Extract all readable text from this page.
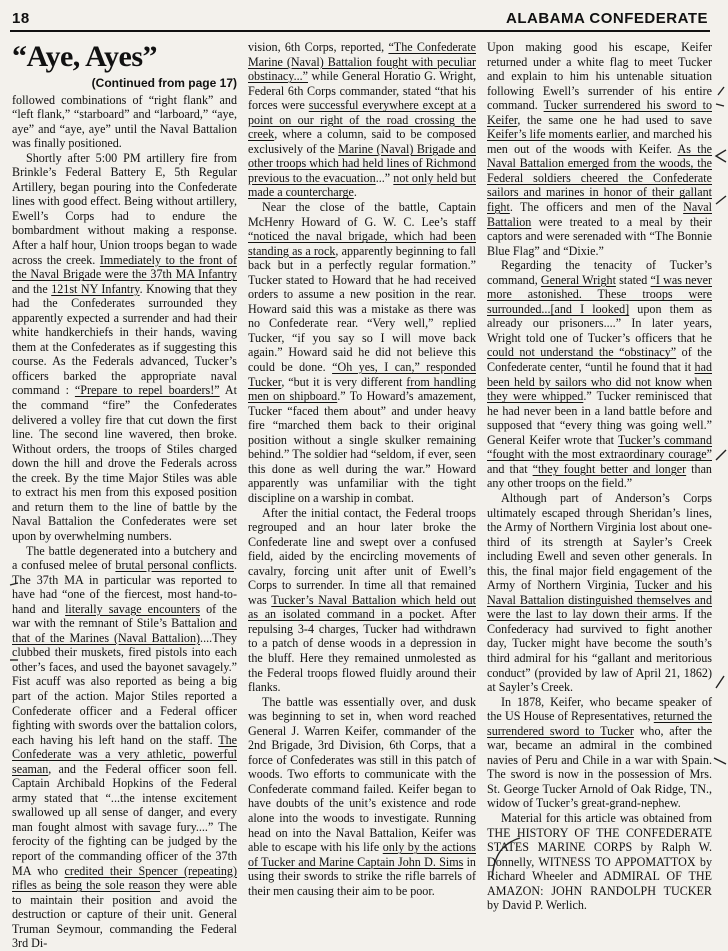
18	ALABAMA CONFEDERATE
“Aye, Ayes”
(Continued from page 17)

followed combinations of “right flank” and “left flank,” “starboard” and “larboard,” “aye, aye” and “aye, aye” until the Naval Battalion was finally positioned.

Shortly after 5:00 PM artillery fire from Brinkle’s Federal Battery E, 5th Regular Artillery, began pouring into the Confederate lines with good effect. Being without artillery, Ewell’s Corps had to endure the bombardment without making a response. After a half hour, Union troops began to wade across the creek. Immediately to the front of the Naval Brigade were the 37th MA Infantry and the 121st NY Infantry. Knowing that they had the Confederates surrounded they apparently expected a surrender and had their white handkerchiefs in their hands, waving them at the Confederates as if suggesting this course. As the Federals advanced, Tucker’s officers barked the appropriate naval command : “Prepare to repel boarders!” At the command “fire” the Confederates delivered a volley fire that cut down the first line. The second line wavered, then broke. Without orders, the troops of Stiles charged down the hill and drove the Federals across the creek. By the time Major Stiles was able to extract his men from this exposed position and return them to the line of battle by the Naval Battalion the Confederates were set upon by overwhelming numbers.

The battle degenerated into a butchery and a confused melee of brutal personal conflicts. The 37th MA in particular was reported to have had “one of the fiercest, most hand-to-hand and literally savage encounters of the war with the remnant of Stile’s Battalion and that of the Marines (Naval Battalion)....They clubbed their muskets, fired pistols into each other’s faces, and used the bayonet savagely.” Fist acuff was also reported as being a big part of the action. Major Stiles reported a Confederate officer and a Federal officer fighting with swords over the battalion colors, each having his left hand on the staff. The Confederate was a very athletic, powerful seaman, and the Federal officer soon fell. Captain Archibald Hopkins of the Federal army stated that “...the intense excitement swallowed up all sense of danger, and every man fought almost with savage fury....” The ferocity of the fighting can be judged by the report of the commanding officer of the 37th MA who credited their Spencer (repeating) rifles as being the sole reason they were able to maintain their position and avoid the destruction or capture of their unit. General Truman Seymour, commanding the Federal 3rd Di-

vision, 6th Corps, reported, “The Confederate Marine (Naval) Battalion fought with peculiar obstinacy...” while General Horatio G. Wright, Federal 6th Corps commander, stated “that his forces were successful everywhere except at a point on our right of the road crossing the creek, where a column, said to be composed exclusively of the Marine (Naval) Brigade and other troops which had held lines of Richmond previous to the evacuation...” not only held but made a countercharge.

Near the close of the battle, Captain McHenry Howard of G. W. C. Lee’s staff “noticed the naval brigade, which had been standing as a rock, apparently beginning to fall back but in a perfectly regular formation.” Tucker stated to Howard that he had received orders to assume a new position in the rear. Howard said this was a mistake as there was no Confederate rear. “Very well,” replied Tucker, “if you say so I will move back again.” Howard said he did not believe this could be done. “Oh yes, I can,” responded Tucker, “but it is very different from handling men on shipboard.” To Howard’s amazement, Tucker “faced them about” and under heavy fire “marched them back to their original position without a single skulker remaining behind.” The soldier had “seldom, if ever, seen this done as well during the war.” Howard apparently was unfamiliar with the tight discipline on a warship in combat.

After the initial contact, the Federal troops regrouped and an hour later broke the Confederate line and swept over a confused field, aided by the encircling movements of cavalry, forcing unit after unit of Ewell’s Corps to surrender. In time all that remained was Tucker’s Naval Battalion which held out as an isolated command in a pocket. After repulsing 3-4 charges, Tucker had withdrawn to a patch of dense woods in a depression in the bluff. Here they remained unmolested as the Federal troops flowed fluidly around their flanks.

The battle was essentially over, and dusk was beginning to set in, when word reached General J. Warren Keifer, commander of the 2nd Brigade, 3rd Division, 6th Corps, that a force of Confederates was still in this patch of woods. Two efforts to communicate with the Confederate command failed. Keifer began to have doubts of the unit’s existence and rode alone into the woods to investigate. Running head on into the Naval Battalion, Keifer was able to escape with his life only by the actions of Tucker and Marine Captain John D. Sims in using their swords to strike the rifle barrels of their men causing their aim to be poor.

Upon making good his escape, Keifer returned under a white flag to meet Tucker and explain to him his untenable situation following Ewell’s surrender of his entire command. Tucker surrendered his sword to Keifer, the same one he had used to save Keifer’s life moments earlier, and marched his men out of the woods with Keifer. As the Naval Battalion emerged from the woods, the Federal soldiers cheered the Confederate sailors and marines in honor of their gallant fight. The officers and men of the Naval Battalion were treated to a meal by their captors and were serenaded with “The Bonnie Blue Flag” and “Dixie.”

Regarding the tenacity of Tucker’s command, General Wright stated “I was never more astonished. These troops were surrounded...[and I looked] upon them as already our prisoners....” In later years, Wright told one of Tucker’s officers that he could not understand the “obstinacy” of the Confederate center, “until he found that it had been held by sailors who did not know when they were whipped.” Tucker reminisced that he had never been in a land battle before and supposed that “every thing was going well.” General Keifer wrote that Tucker’s command “fought with the most extraordinary courage” and that “they fought better and longer than any other troops on the field.”

Although part of Anderson’s Corps ultimately escaped through Sheridan’s lines, the Army of Northern Virginia lost about one-third of its strength at Sayler’s Creek including Ewell and seven other generals. In this, the final major field engagement of the Army of Northern Virginia, Tucker and his Naval Battalion distinguished themselves and were the last to lay down their arms. If the Confederacy had survived to fight another day, Tucker might have become the south’s third admiral for his “gallant and meritorious conduct” (provided by law of April 21, 1862) at Sayler’s Creek.

In 1878, Keifer, who became speaker of the US House of Representatives, returned the surrendered sword to Tucker who, after the war, became an admiral in the combined navies of Peru and Chile in a war with Spain. The sword is now in the possession of Mrs. St. George Tucker Arnold of Oak Ridge, TN., widow of Tucker’s great-grand-nephew.

Material for this article was obtained from THE HISTORY OF THE CONFEDERATE STATES MARINE CORPS by Ralph W. Donnelly, WITNESS TO APPOMATTOX by Richard Wheeler and ADMIRAL OF THE AMAZON: JOHN RANDOLPH TUCKER by David P. Werlich.
